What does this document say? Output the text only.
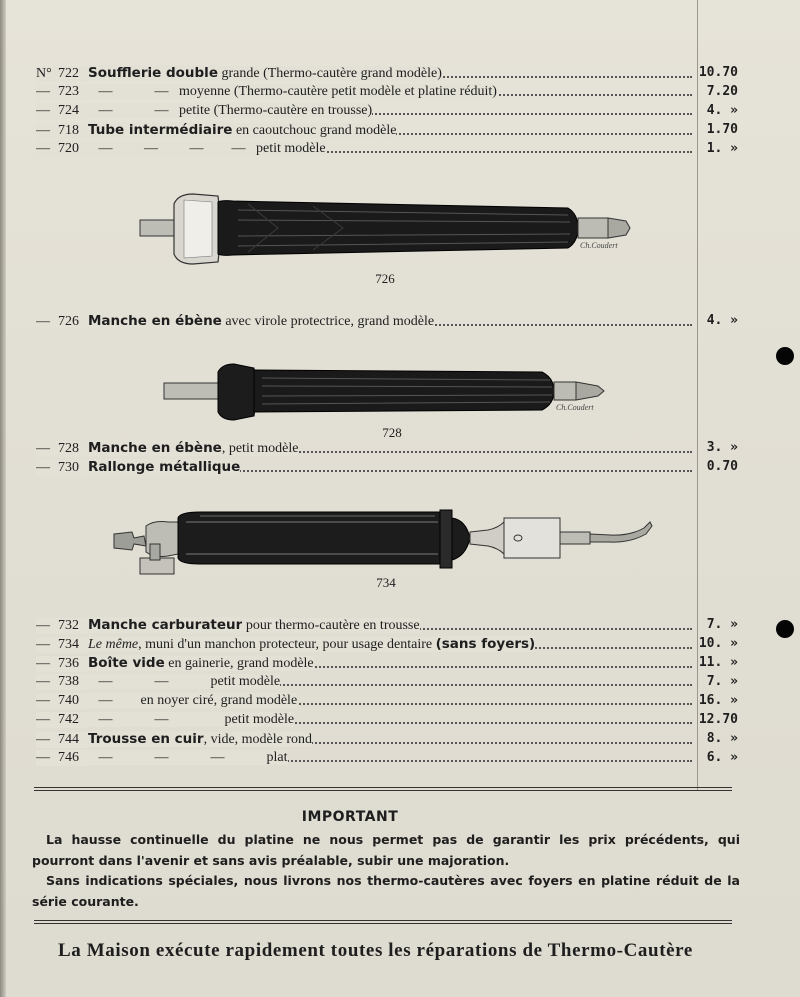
N° 722 Soufflerie double grande (Thermo-cautère grand modèle)	10.70
— 723   —            —   moyenne (Thermo-cautère petit modèle et platine réduit)	7.20
— 724   —            —   petite (Thermo-cautère en trousse)	4. »
— 718 Tube intermédiaire en caoutchouc grand modèle	1.70
— 720   —         —         —        —   petit modèle	1. »
— 726 Manche en ébène avec virole protectrice, grand modèle	4. »
— 728 Manche en ébène, petit modèle	3. »
— 730 Rallonge métallique	0.70
— 732 Manche carburateur pour thermo-cautère en trousse	7. »
— 734 Le même, muni d'un manchon protecteur, pour usage dentaire (sans foyers)	10. »
— 736 Boîte vide en gainerie, grand modèle	11. »
— 738   —            —            petit modèle	7. »
— 740   —        en noyer ciré, grand modèle	16. »
— 742   —            —                petit modèle	12.70
— 744 Trousse en cuir, vide, modèle rond	8. »
— 746   —            —            —            plat	6. »
Ch.Coudert
726
Ch.Coudert
728
734
IMPORTANT
La hausse continuelle du platine ne nous permet pas de garantir les prix précédents, qui pourront dans l'avenir et sans avis préalable, subir une majoration.
Sans indications spéciales, nous livrons nos thermo-cautères avec foyers en platine réduit de la série courante.
La Maison exécute rapidement toutes les réparations de Thermo-Cautère
